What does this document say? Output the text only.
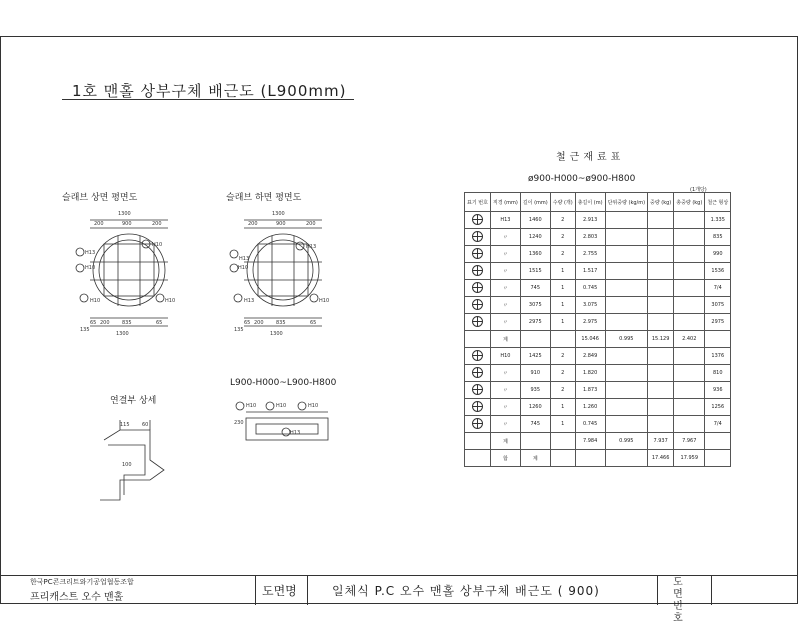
1호 맨홀 상부구체 배근도 (L900mm)
슬래브 상면 평면도	슬래브 하면 평면도
연결부 상세
L900-H000~L900-H800
1300
200	900	200
65 200 835	65
135
1300
H10
H10
H10	H10
H13
1300
200	900	200
65 200 835	65
135
1300
H13
H13
H13	H10
H10
115 60
100
H10	H10	H10
H13
230
철근재료표
ø900-H000~ø900-H800
(1개당)
표기 번호	직경 (mm)	길이 (mm)	수량 (개)	총길이 (m)	단위중량 (kg/m)	중량 (kg)	총중량 (kg)	철근 형상
	H13	1460	2	2.913				1.335
	〃	1240	2	2.803				835
	〃	1360	2	2.755				990
	〃	1515	1	1.517				1536
	〃	745	1	0.745				7/4
	〃	3075	1	3.075				3075
	〃	2975	1	2.975				2975
	계			15.046	0.995	15.129	2.402	
	H10	1425	2	2.849				1376
	〃	910	2	1.820				810
	〃	935	2	1.873				936
	〃	1260	1	1.260				1256
	〃	745	1	0.745				7/4
	계			7.984	0.995	7.937	7.967	
	합	계				17.466	17.959	
한국PC콘크리트와기공업협동조합
프리캐스트 오수 맨홀	도면명	일체식 P.C 오수 맨홀 상부구체 배근도 ( 900)
도 면 번 호
